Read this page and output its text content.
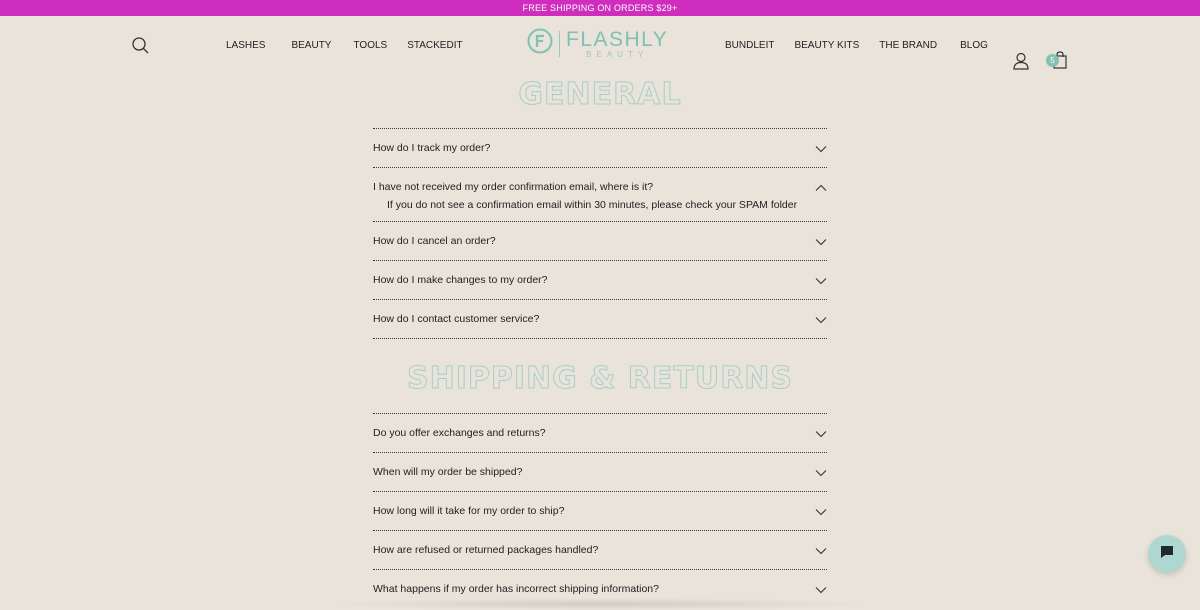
FREE SHIPPING ON ORDERS $29+
LASHES	BEAUTY TOOLS STACKEDIT	FLASHLY
BEAUTY
BUNDLEIT BEAUTY KITS THE BRAND BLOG
5
GENERAL
How do I track my order?
I have not received my order confirmation email, where is it?
If you do not see a confirmation email within 30 minutes, please check your SPAM folder
How do I cancel an order?
How do I make changes to my order?
How do I contact customer service?
SHIPPING & RETURNS
Do you offer exchanges and returns?
When will my order be shipped?
How long will it take for my order to ship?
How are refused or returned packages handled?
What happens if my order has incorrect shipping information?
